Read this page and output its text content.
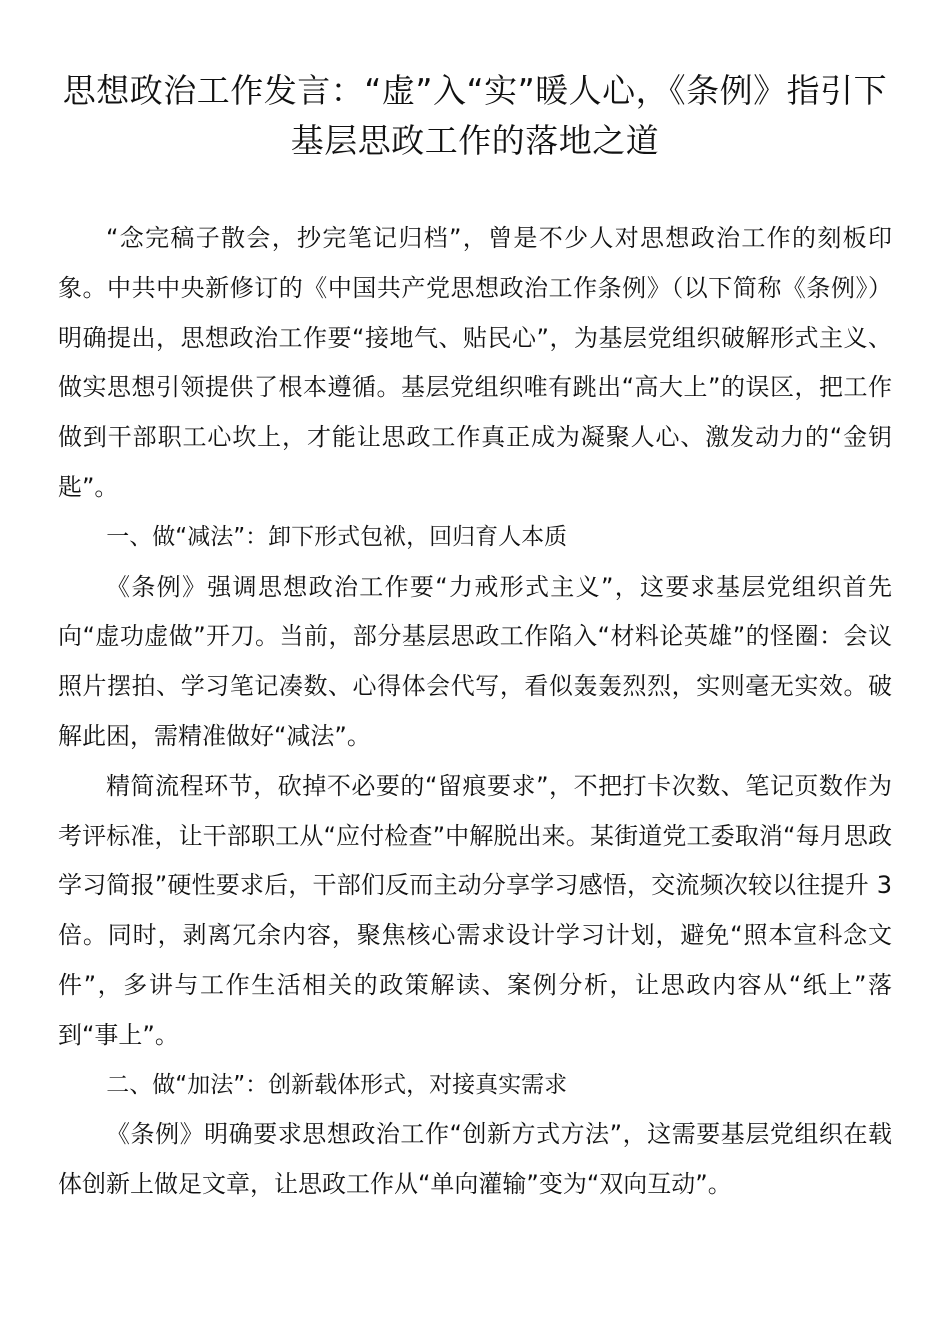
思想政治工作发言：“虚”入“实”暖人心，《条例》指引下基层思政工作的落地之道

“念完稿子散会，抄完笔记归档”，曾是不少人对思想政治工作的刻板印象。中共中央新修订的《中国共产党思想政治工作条例》（以下简称《条例》）明确提出，思想政治工作要“接地气、贴民心”，为基层党组织破解形式主义、做实思想引领提供了根本遵循。基层党组织唯有跳出“高大上”的误区，把工作做到干部职工心坎上，才能让思政工作真正成为凝聚人心、激发动力的“金钥匙”。

一、做“减法”：卸下形式包袱，回归育人本质

《条例》强调思想政治工作要“力戒形式主义”，这要求基层党组织首先向“虚功虚做”开刀。当前，部分基层思政工作陷入“材料论英雄”的怪圈：会议照片摆拍、学习笔记凑数、心得体会代写，看似轰轰烈烈，实则毫无实效。破解此困，需精准做好“减法”。

精简流程环节，砍掉不必要的“留痕要求”，不把打卡次数、笔记页数作为考评标准，让干部职工从“应付检查”中解脱出来。某街道党工委取消“每月思政学习简报”硬性要求后，干部们反而主动分享学习感悟，交流频次较以往提升 3 倍。同时，剥离冗余内容，聚焦核心需求设计学习计划，避免“照本宣科念文件”，多讲与工作生活相关的政策解读、案例分析，让思政内容从“纸上”落到“事上”。

二、做“加法”：创新载体形式，对接真实需求

《条例》明确要求思想政治工作“创新方式方法”，这需要基层党组织在载体创新上做足文章，让思政工作从“单向灌输”变为“双向互动”。
